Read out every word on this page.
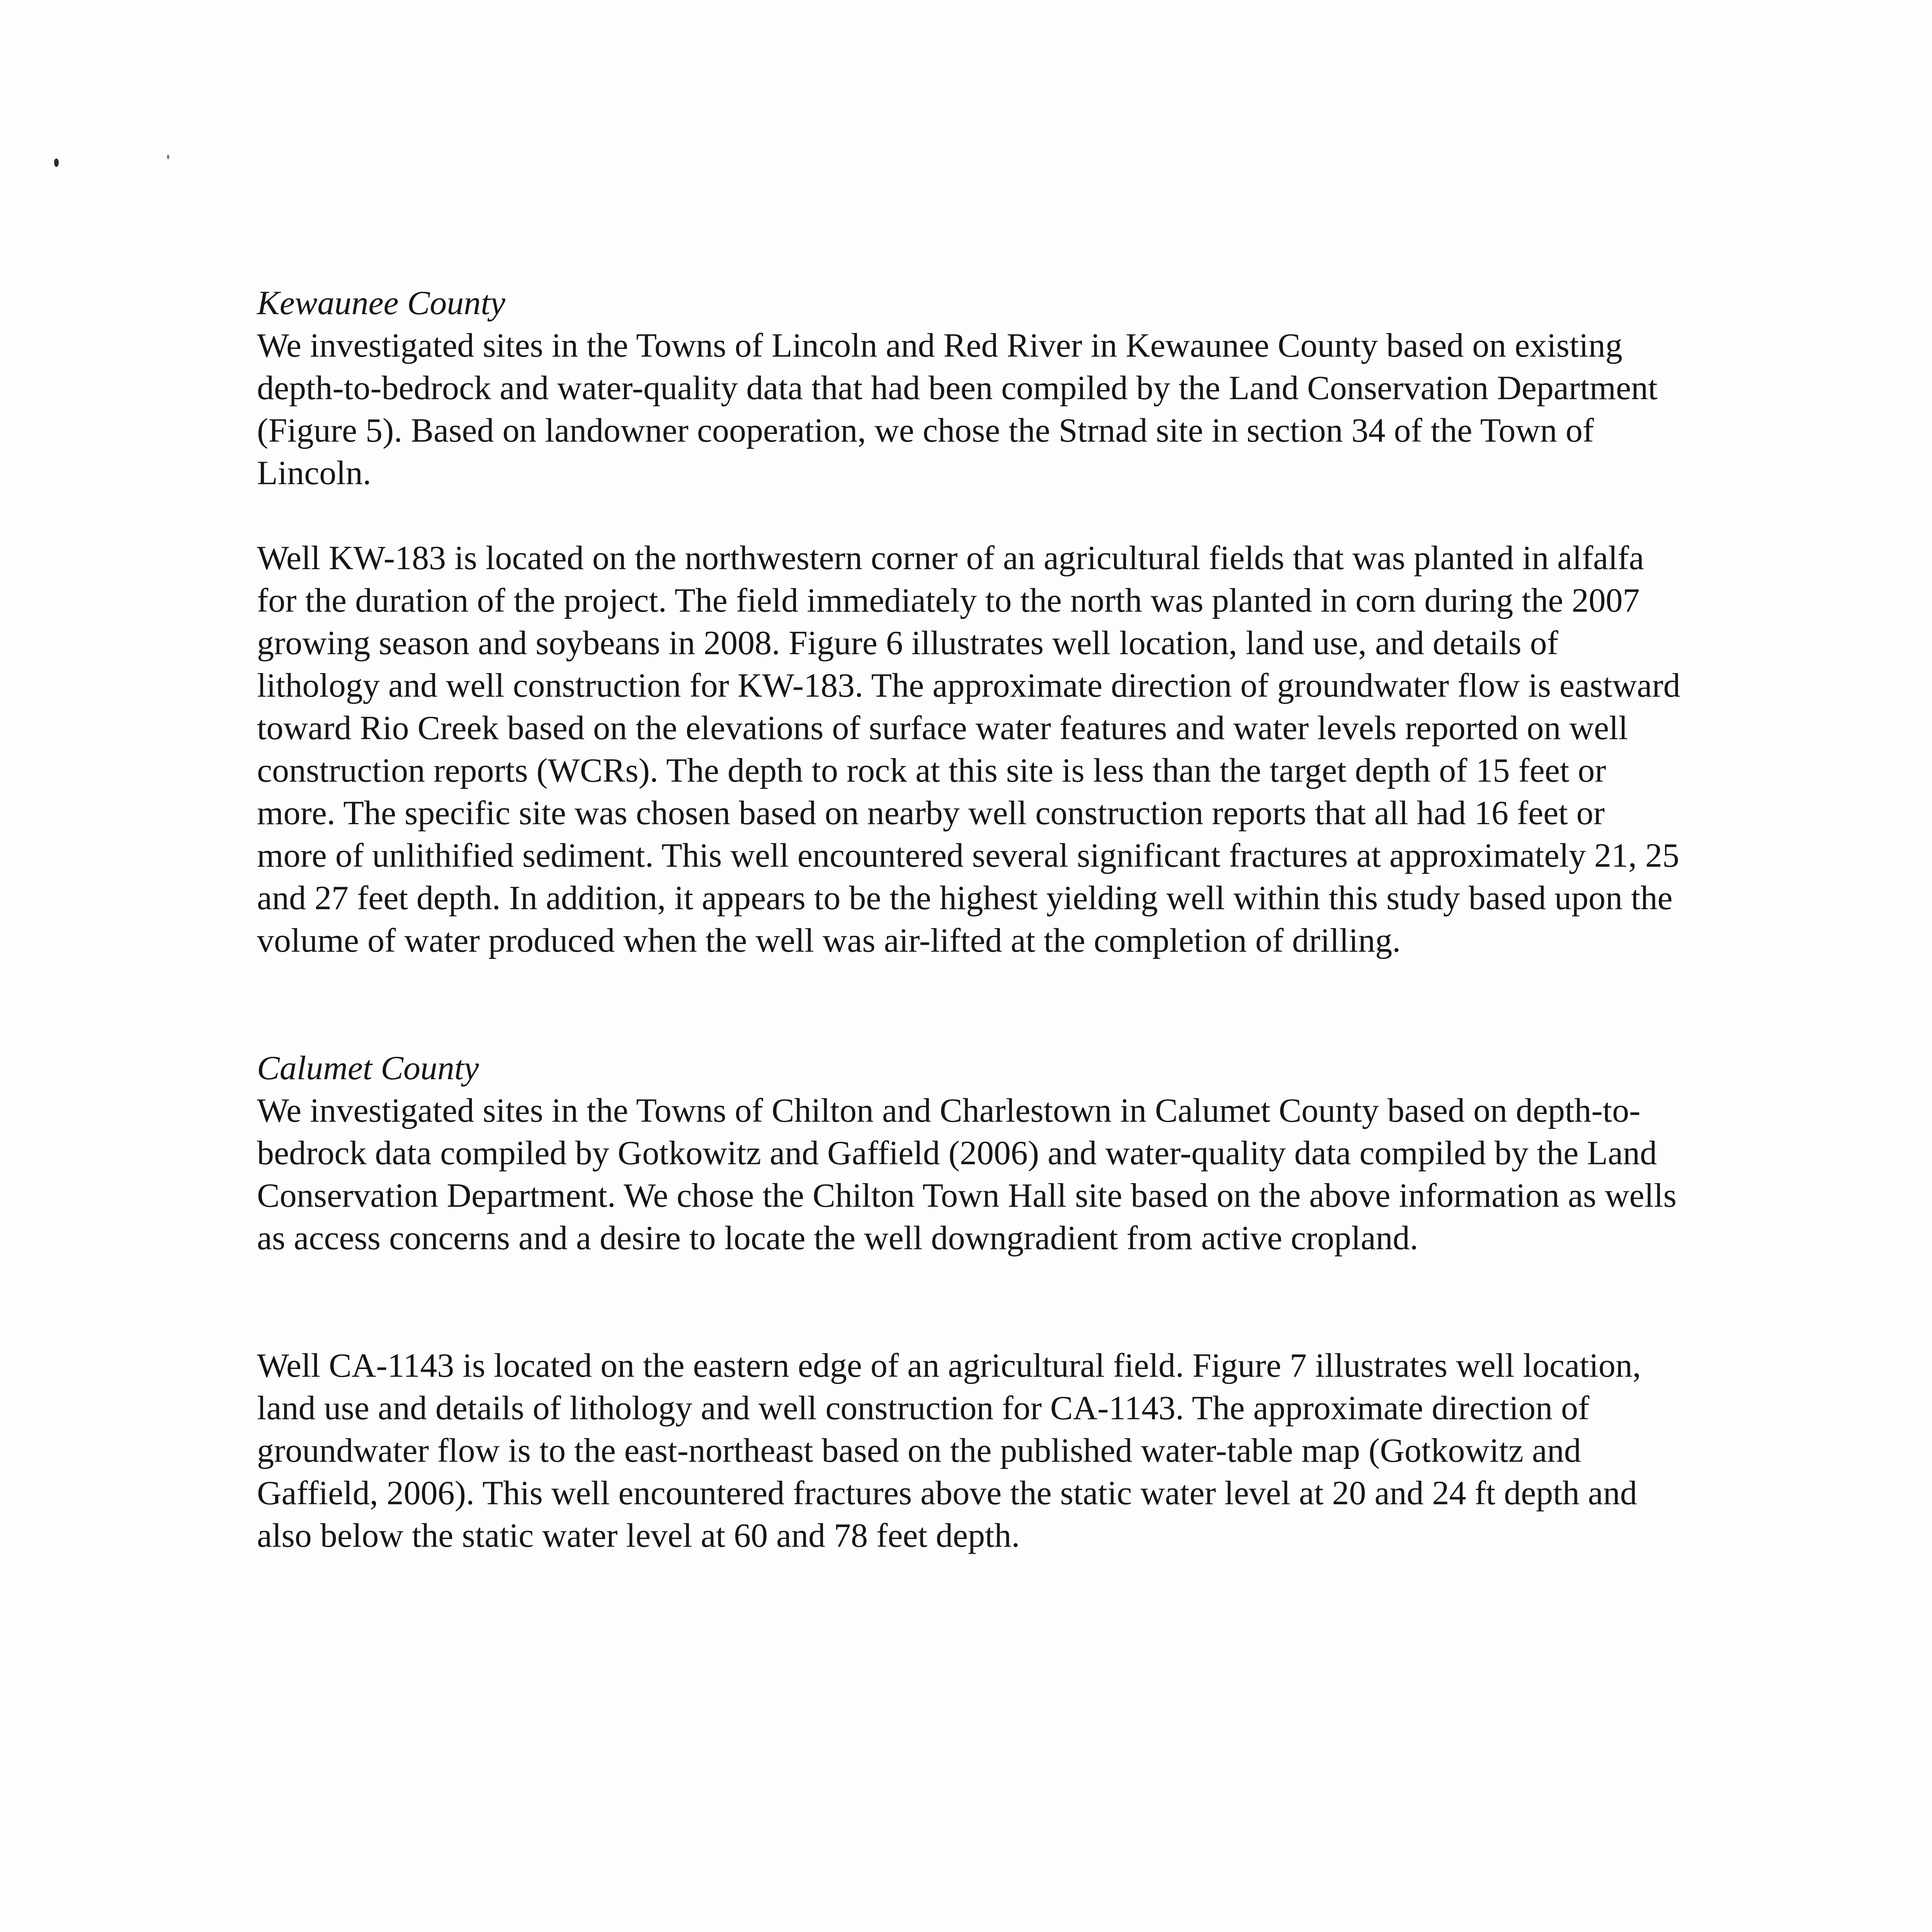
Kewaunee County

We investigated sites in the Towns of Lincoln and Red River in Kewaunee County based on existing depth-to-bedrock and water-quality data that had been compiled by the Land Conservation Department (Figure 5). Based on landowner cooperation, we chose the Strnad site in section 34 of the Town of Lincoln.

Well KW-183 is located on the northwestern corner of an agricultural fields that was planted in alfalfa for the duration of the project. The field immediately to the north was planted in corn during the 2007 growing season and soybeans in 2008. Figure 6 illustrates well location, land use, and details of lithology and well construction for KW-183. The approximate direction of groundwater flow is eastward toward Rio Creek based on the elevations of surface water features and water levels reported on well construction reports (WCRs). The depth to rock at this site is less than the target depth of 15 feet or more. The specific site was chosen based on nearby well construction reports that all had 16 feet or more of unlithified sediment. This well encountered several significant fractures at approximately 21, 25 and 27 feet depth. In addition, it appears to be the highest yielding well within this study based upon the volume of water produced when the well was air-lifted at the completion of drilling.

Calumet County

We investigated sites in the Towns of Chilton and Charlestown in Calumet County based on depth-to-bedrock data compiled by Gotkowitz and Gaffield (2006) and water-quality data compiled by the Land Conservation Department. We chose the Chilton Town Hall site based on the above information as wells as access concerns and a desire to locate the well downgradient from active cropland.

Well CA-1143 is located on the eastern edge of an agricultural field. Figure 7 illustrates well location, land use and details of lithology and well construction for CA-1143. The approximate direction of groundwater flow is to the east-northeast based on the published water-table map (Gotkowitz and Gaffield, 2006). This well encountered fractures above the static water level at 20 and 24 ft depth and also below the static water level at 60 and 78 feet depth.
